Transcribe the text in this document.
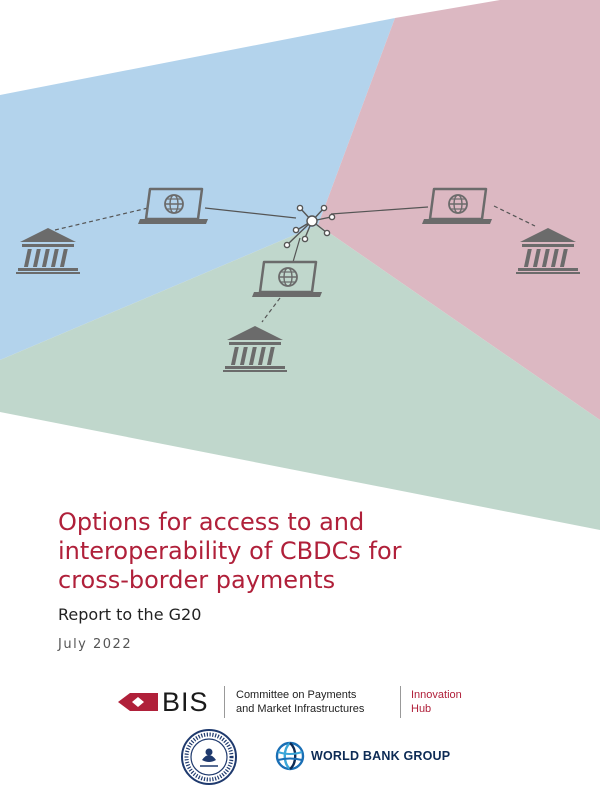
Options for access to and
interoperability of CBDCs for
cross-border payments
Report to the G20
July 2022
BIS Committee on Payments
and Market Infrastructures
Innovation
Hub
WORLD BANK GROUP
